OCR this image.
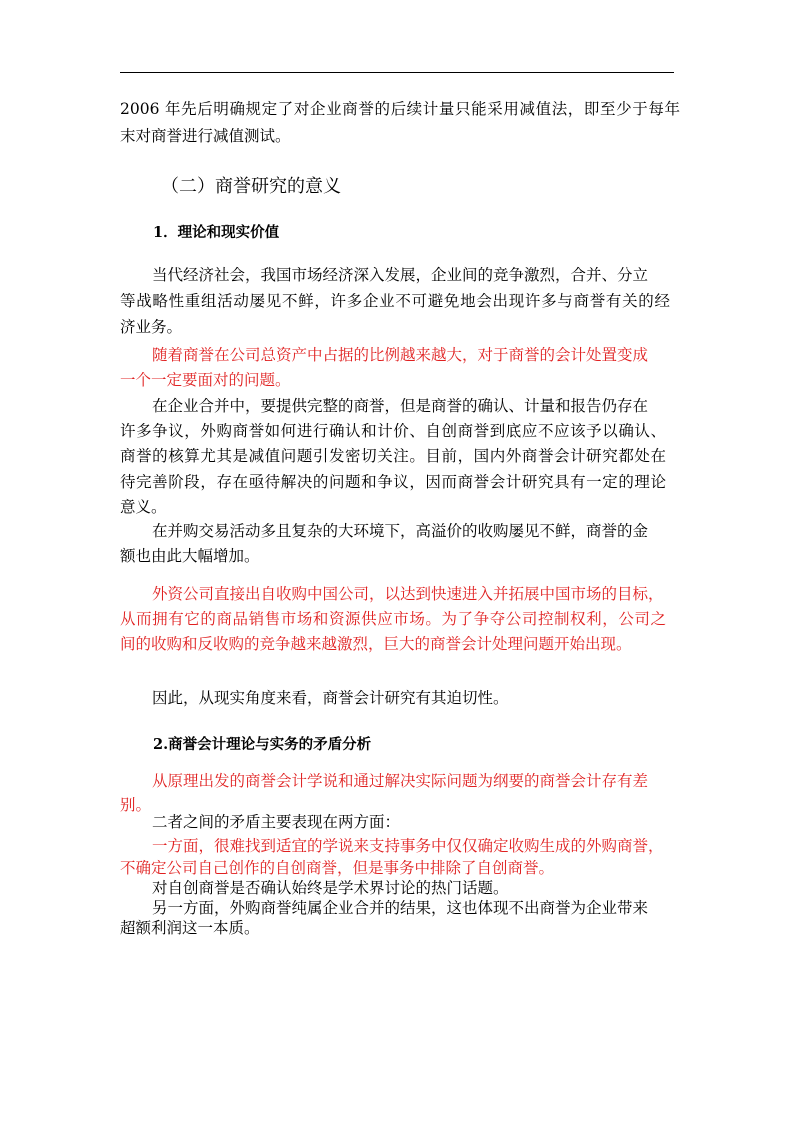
2006 年先后明确规定了对企业商誉的后续计量只能采用减值法，即至少于每年
末对商誉进行减值测试。
（二）商誉研究的意义
1．理论和现实价值
当代经济社会，我国市场经济深入发展，企业间的竞争激烈，合并、分立
等战略性重组活动屡见不鲜，许多企业不可避免地会出现许多与商誉有关的经
济业务。
随着商誉在公司总资产中占据的比例越来越大，对于商誉的会计处置变成
一个一定要面对的问题。
在企业合并中，要提供完整的商誉，但是商誉的确认、计量和报告仍存在
许多争议，外购商誉如何进行确认和计价、自创商誉到底应不应该予以确认、
商誉的核算尤其是减值问题引发密切关注。目前，国内外商誉会计研究都处在
待完善阶段，存在亟待解决的问题和争议，因而商誉会计研究具有一定的理论
意义。
在并购交易活动多且复杂的大环境下，高溢价的收购屡见不鲜，商誉的金
额也由此大幅增加。
外资公司直接出自收购中国公司，以达到快速进入并拓展中国市场的目标，
从而拥有它的商品销售市场和资源供应市场。为了争夺公司控制权利，公司之
间的收购和反收购的竞争越来越激烈，巨大的商誉会计处理问题开始出现。
因此，从现实角度来看，商誉会计研究有其迫切性。
2.商誉会计理论与实务的矛盾分析
从原理出发的商誉会计学说和通过解决实际问题为纲要的商誉会计存有差
别。
二者之间的矛盾主要表现在两方面：
一方面，很难找到适宜的学说来支持事务中仅仅确定收购生成的外购商誉，
不确定公司自己创作的自创商誉，但是事务中排除了自创商誉。
对自创商誉是否确认始终是学术界讨论的热门话题。
另一方面，外购商誉纯属企业合并的结果，这也体现不出商誉为企业带来
超额利润这一本质。
